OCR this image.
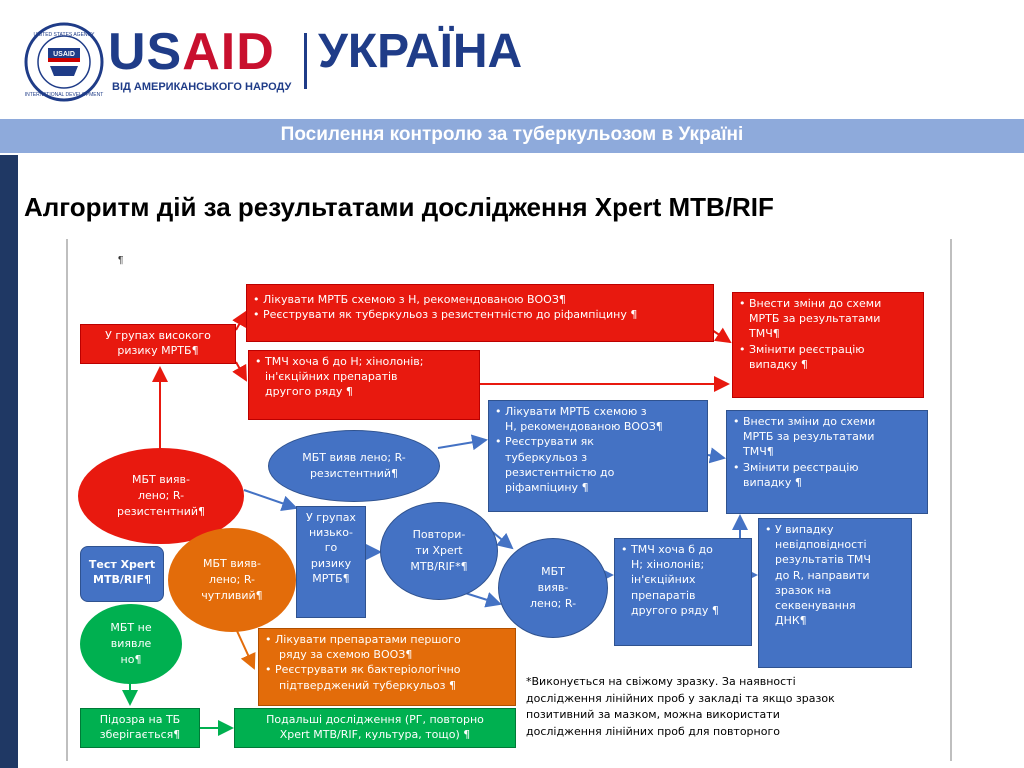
USAID
UNITED STATES AGENCY
INTERNATIONAL DEVELOPMENT
USAID
ВІД АМЕРИКАНСЬКОГО НАРОДУ
УКРАЇНА
Посилення контролю за туберкульозом в Україні
Алгоритм дій за результатами дослідження Xpert MTB/RIF
¶
У групах високого
ризику МРТБ¶
• Лікувати МРТБ схемою з Н, рекомендованою ВООЗ¶
• Реєструвати як туберкульоз з резистентністю до ріфампіцину ¶
• ТМЧ хоча б до Н; хінолонів;
ін'єкційних препаратів
другого ряду ¶
• Внести зміни до схеми
МРТБ за результатами
ТМЧ¶
• Змінити реєстрацію
випадку ¶
МБТ вияв-
лено; R-
резистентний¶
Тест Xpert
MTB/RIF¶
МБТ вияв-
лено; R-
чутливий¶
МБТ не
виявле
но¶
МБТ вияв лено; R-
резистентний¶
• Лікувати МРТБ схемою з
Н, рекомендованою ВООЗ¶
• Реєструвати як
туберкульоз з
резистентністю до
ріфампіцину ¶
• Внести зміни до схеми
МРТБ за результатами
ТМЧ¶
• Змінити реєстрацію
випадку ¶
У групах
низько-
го
ризику
МРТБ¶
Повтори-
ти Xpert
MTB/RIF*¶	МБТ
вияв-
лено; R-
• ТМЧ хоча б до
Н; хінолонів;
ін'єкційних
препаратів
другого ряду ¶
• У випадку
невідповідності
результатів ТМЧ
до R, направити
зразок на
секвенування
ДНК¶
• Лікувати препаратами першого
ряду за схемою ВООЗ¶
• Реєструвати як бактеріологічно
підтверджений туберкульоз ¶
Підозра на ТБ
зберігається¶
Подальші дослідження (РГ, повторно
Xpert MTB/RIF, культура, тощо) ¶
*Виконується на свіжому зразку. За наявності
дослідження лінійних проб у закладі та якщо зразок
позитивний за мазком, можна використати
дослідження лінійних проб для повторного
